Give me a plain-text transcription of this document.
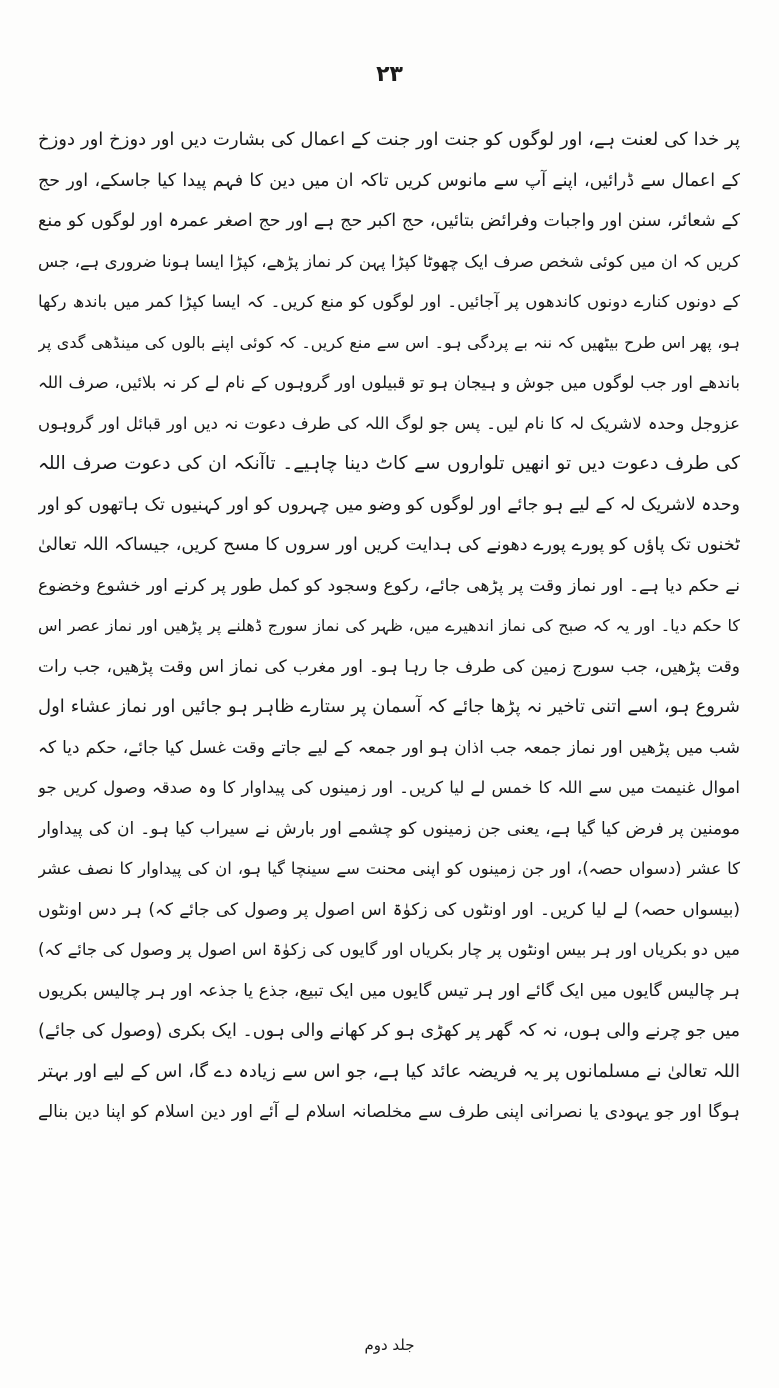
۲۳
پر خدا کی لعنت ہے، اور لوگوں کو جنت اور جنت کے اعمال کی بشارت دیں اور دوزخ اور دوزخ
کے اعمال سے ڈرائیں، اپنے آپ سے مانوس کریں تاکہ ان میں دین کا فہم پیدا کیا جاسکے، اور حج
کے شعائر، سنن اور واجبات وفرائض بتائیں، حج اکبر حج ہے اور حج اصغر عمرہ اور لوگوں کو منع
کریں کہ ان میں کوئی شخص صرف ایک چھوٹا کپڑا پہن کر نماز پڑھے، کپڑا ایسا ہونا ضروری ہے، جس
کے دونوں کنارے دونوں کاندھوں پر آجائیں۔ اور لوگوں کو منع کریں۔ کہ ایسا کپڑا کمر میں باندھ رکھا
ہو، پھر اس طرح بیٹھیں کہ ننہ بے پردگی ہو۔ اس سے منع کریں۔ کہ کوئی اپنے بالوں کی مینڈھی گدی پر
باندھے اور جب لوگوں میں جوش و ہیجان ہو تو قبیلوں اور گروہوں کے نام لے کر نہ بلائیں، صرف اللہ
عزوجل وحدہ لاشریک لہ کا نام لیں۔ پس جو لوگ اللہ کی طرف دعوت نہ دیں اور قبائل اور گروہوں
کی طرف دعوت دیں تو انھیں تلواروں سے کاٹ دینا چاہیے۔ تاآنکہ ان کی دعوت صرف اللہ
وحدہ لاشریک لہ کے لیے ہو جائے اور لوگوں کو وضو میں چہروں کو اور کہنیوں تک ہاتھوں کو اور
ٹخنوں تک پاؤں کو پورے پورے دھونے کی ہدایت کریں اور سروں کا مسح کریں، جیساکہ اللہ تعالیٰ
نے حکم دیا ہے۔ اور نماز وقت پر پڑھی جائے، رکوع وسجود کو کمل طور پر کرنے اور خشوع وخضوع
کا حکم دیا۔ اور یہ کہ صبح کی نماز اندھیرے میں، ظہر کی نماز سورج ڈھلنے پر پڑھیں اور نماز عصر اس
وقت پڑھیں، جب سورج زمین کی طرف جا رہا ہو۔ اور مغرب کی نماز اس وقت پڑھیں، جب رات
شروع ہو، اسے اتنی تاخیر نہ پڑھا جائے کہ آسمان پر ستارے ظاہر ہو جائیں اور نماز عشاء اول
شب میں پڑھیں اور نماز جمعہ جب اذان ہو اور جمعہ کے لیے جاتے وقت غسل کیا جائے، حکم دیا کہ
اموال غنیمت میں سے اللہ کا خمس لے لیا کریں۔ اور زمینوں کی پیداوار کا وہ صدقہ وصول کریں جو
مومنین پر فرض کیا گیا ہے، یعنی جن زمینوں کو چشمے اور بارش نے سیراب کیا ہو۔ ان کی پیداوار
کا عشر (دسواں حصہ)، اور جن زمینوں کو اپنی محنت سے سینچا گیا ہو، ان کی پیداوار کا نصف عشر
(بیسواں حصہ) لے لیا کریں۔ اور اونٹوں کی زکوٰۃ اس اصول پر وصول کی جائے کہ) ہر دس اونٹوں
میں دو بکریاں اور ہر بیس اونٹوں پر چار بکریاں اور گایوں کی زکوٰۃ اس اصول پر وصول کی جائے کہ)
ہر چالیس گایوں میں ایک گائے اور ہر تیس گایوں میں ایک تبیع، جذع یا جذعہ اور ہر چالیس بکریوں
میں جو چرنے والی ہوں، نہ کہ گھر پر کھڑی ہو کر کھانے والی ہوں۔ ایک بکری (وصول کی جائے)
اللہ تعالیٰ نے مسلمانوں پر یہ فریضہ عائد کیا ہے، جو اس سے زیادہ دے گا، اس کے لیے اور بہتر
ہوگا اور جو یہودی یا نصرانی اپنی طرف سے مخلصانہ اسلام لے آئے اور دین اسلام کو اپنا دین بنالے
جلد دوم
